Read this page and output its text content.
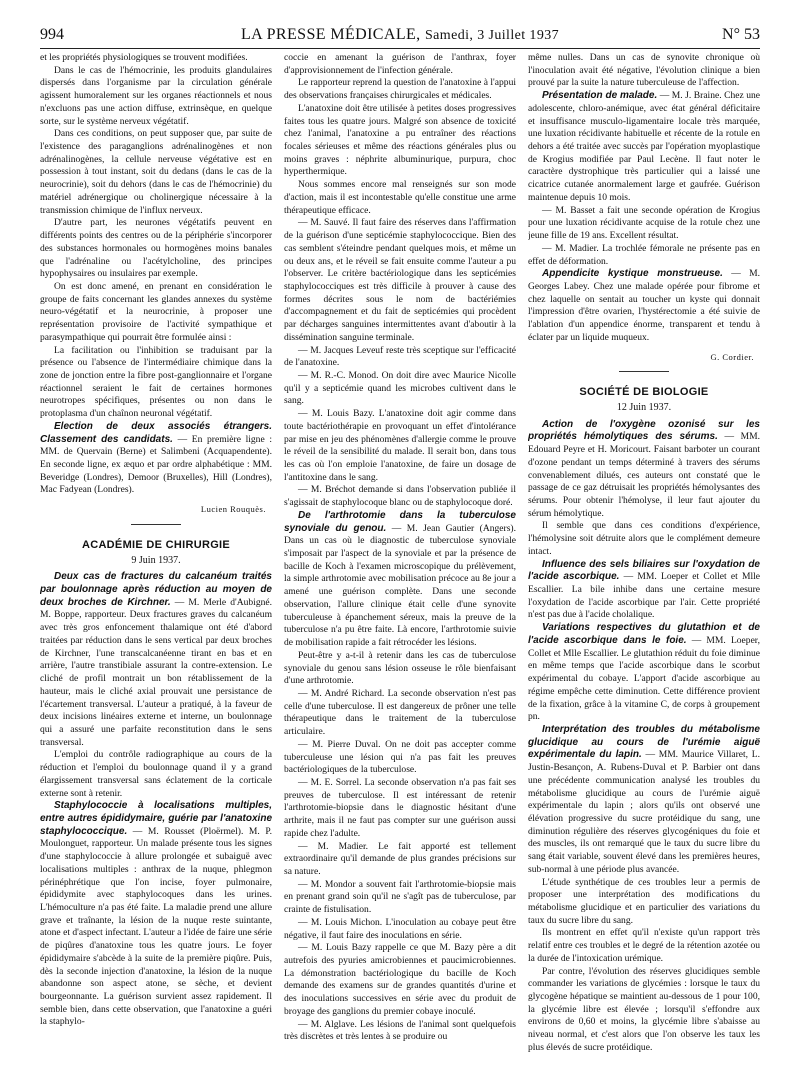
994	LA PRESSE MÉDICALE, Samedi, 3 Juillet 1937	N° 53

et les propriétés physiologiques se trouvent modifiées.

Dans le cas de l'hémocrinie, les produits glandulaires dispersés dans l'organisme par la circulation générale agissent humoralement sur les organes réactionnels et nous n'excluons pas une action diffuse, extrinsèque, en quelque sorte, sur le système nerveux végétatif.

Dans ces conditions, on peut supposer que, par suite de l'existence des paraganglions adrénalinogènes et non adrénalinogènes, la cellule nerveuse végétative est en possession à tout instant, soit du dedans (dans le cas de la neurocrinie), soit du dehors (dans le cas de l'hémocrinie) du matériel adrénergique ou cholinergique nécessaire à la transmission chimique de l'influx nerveux.

D'autre part, les neurones végétatifs peuvent en différents points des centres ou de la périphérie s'incorporer des substances hormonales ou hormogènes moins banales que l'adrénaline ou l'acétylcholine, des principes hypophysaires ou insulaires par exemple.

On est donc amené, en prenant en considération le groupe de faits concernant les glandes annexes du système neuro-végétatif et la neurocrinie, à proposer une représentation provisoire de l'activité sympathique et parasympathique qui pourrait être formulée ainsi :

La facilitation ou l'inhibition se traduisant par la présence ou l'absence de l'intermédiaire chimique dans la zone de jonction entre la fibre post-ganglionnaire et l'organe réactionnel seraient le fait de certaines hormones neurotropes spécifiques, présentes ou non dans le protoplasma d'un chaînon neuronal végétatif.

Election de deux associés étrangers. Classement des candidats. — En première ligne : MM. de Quervain (Berne) et Salimbeni (Acquapendente). En seconde ligne, ex æquo et par ordre alphabétique : MM. Beveridge (Londres), Demoor (Bruxelles), Hill (Londres), Mac Fadyean (Londres).

Lucien Rouquès.
ACADÉMIE DE CHIRURGIE
9 Juin 1937.

Deux cas de fractures du calcanéum traités par boulonnage après réduction au moyen de deux broches de Kirchner. — M. Merle d'Aubigné. M. Boppe, rapporteur. Deux fractures graves du calcanéum avec très gros enfoncement thalamique ont été d'abord traitées par réduction dans le sens vertical par deux broches de Kirchner, l'une transcalcanéenne tirant en bas et en arrière, l'autre transtibiale assurant la contre-extension. Le cliché de profil montrait un bon rétablissement de la hauteur, mais le cliché axial prouvait une persistance de l'écartement transversal. L'auteur a pratiqué, à la faveur de deux incisions linéaires externe et interne, un boulonnage qui a assuré une parfaite reconstitution dans le sens transversal.

L'emploi du contrôle radiographique au cours de la réduction et l'emploi du boulonnage quand il y a grand élargissement transversal sans éclatement de la corticale externe sont à retenir.

Staphylococcie à localisations multiples, entre autres épididymaire, guérie par l'anatoxine staphylococcique. — M. Rousset (Ploërmel). M. P. Moulonguet, rapporteur. Un malade présente tous les signes d'une staphylococcie à allure prolongée et subaiguë avec localisations multiples : anthrax de la nuque, phlegmon périnéphrétique que l'on incise, foyer pulmonaire, épididymite avec staphylocoques dans les urines. L'hémoculture n'a pas été faite. La maladie prend une allure grave et traînante, la lésion de la nuque reste suintante, atone et d'aspect infectant. L'auteur a l'idée de faire une série de piqûres d'anatoxine tous les quatre jours. Le foyer épididymaire s'abcède à la suite de la première piqûre. Puis, dès la seconde injection d'anatoxine, la lésion de la nuque abandonne son aspect atone, se sèche, et devient bourgeonnante. La guérison survient assez rapidement. Il semble bien, dans cette observation, que l'anatoxine a guéri la staphylo-

coccie en amenant la guérison de l'anthrax, foyer d'approvisionnement de l'infection générale.

Le rapporteur reprend la question de l'anatoxine à l'appui des observations françaises chirurgicales et médicales.

L'anatoxine doit être utilisée à petites doses progressives faites tous les quatre jours. Malgré son absence de toxicité chez l'animal, l'anatoxine a pu entraîner des réactions focales sérieuses et même des réactions générales plus ou moins graves : néphrite albuminurique, purpura, choc hyperthermique.

Nous sommes encore mal renseignés sur son mode d'action, mais il est incontestable qu'elle constitue une arme thérapeutique efficace.

— M. Sauvé. Il faut faire des réserves dans l'affirmation de la guérison d'une septicémie staphylococcique. Bien des cas semblent s'éteindre pendant quelques mois, et même un ou deux ans, et le réveil se fait ensuite comme l'auteur a pu l'observer. Le critère bactériologique dans les septicémies staphylococciques est très difficile à prouver à cause des formes décrites sous le nom de bactériémies d'accompagnement et du fait de septicémies qui procèdent par décharges sanguines intermittentes avant d'aboutir à la dissémination sanguine terminale.

— M. Jacques Leveuf reste très sceptique sur l'efficacité de l'anatoxine.

— M. R.-C. Monod. On doit dire avec Maurice Nicolle qu'il y a septicémie quand les microbes cultivent dans le sang.

— M. Louis Bazy. L'anatoxine doit agir comme dans toute bactériothérapie en provoquant un effet d'intolérance par mise en jeu des phénomènes d'allergie comme le prouve le réveil de la sensibilité du malade. Il serait bon, dans tous les cas où l'on emploie l'anatoxine, de faire un dosage de l'antitoxine dans le sang.

— M. Bréchot demande si dans l'observation publiée il s'agissait de staphylocoque blanc ou de staphylocoque doré.

De l'arthrotomie dans la tuberculose synoviale du genou. — M. Jean Gautier (Angers). Dans un cas où le diagnostic de tuberculose synoviale s'imposait par l'aspect de la synoviale et par la présence de bacille de Koch à l'examen microscopique du prélèvement, la simple arthrotomie avec mobilisation précoce au 8e jour a amené une guérison complète. Dans une seconde observation, l'allure clinique était celle d'une synovite tuberculeuse à épanchement séreux, mais la preuve de la tuberculose n'a pu être faite. Là encore, l'arthrotomie suivie de mobilisation rapide a fait rétrocéder les lésions.

Peut-être y a-t-il à retenir dans les cas de tuberculose synoviale du genou sans lésion osseuse le rôle bienfaisant d'une arthrotomie.

— M. André Richard. La seconde observation n'est pas celle d'une tuberculose. Il est dangereux de prôner une telle thérapeutique dans le traitement de la tuberculose articulaire.

— M. Pierre Duval. On ne doit pas accepter comme tuberculeuse une lésion qui n'a pas fait les preuves bactériologiques de la tuberculose.

— M. E. Sorrel. La seconde observation n'a pas fait ses preuves de tuberculose. Il est intéressant de retenir l'arthrotomie-biopsie dans le diagnostic hésitant d'une arthrite, mais il ne faut pas compter sur une guérison aussi rapide chez l'adulte.

— M. Madier. Le fait apporté est tellement extraordinaire qu'il demande de plus grandes précisions sur sa nature.

— M. Mondor a souvent fait l'arthrotomie-biopsie mais en prenant grand soin qu'il ne s'agît pas de tuberculose, par crainte de fistulisation.

— M. Louis Michon. L'inoculation au cobaye peut être négative, il faut faire des inoculations en série.

— M. Louis Bazy rappelle ce que M. Bazy père a dit autrefois des pyuries amicrobiennes et paucimicrobiennes. La démonstration bactériologique du bacille de Koch demande des examens sur de grandes quantités d'urine et des inoculations successives en série avec du produit de broyage des ganglions du premier cobaye inoculé.

— M. Alglave. Les lésions de l'animal sont quelquefois très discrètes et très lentes à se produire ou

même nulles. Dans un cas de synovite chronique où l'inoculation avait été négative, l'évolution clinique a bien prouvé par la suite la nature tuberculeuse de l'affection.

Présentation de malade. — M. J. Braine. Chez une adolescente, chloro-anémique, avec état général déficitaire et insuffisance musculo-ligamentaire locale très marquée, une luxation récidivante habituelle et récente de la rotule en dehors a été traitée avec succès par l'opération myoplastique de Krogius modifiée par Paul Lecène. Il faut noter le caractère dystrophique très particulier qui a laissé une cicatrice cutanée anormalement large et gaufrée. Guérison maintenue depuis 10 mois.

— M. Basset a fait une seconde opération de Krogius pour une luxation récidivante acquise de la rotule chez une jeune fille de 19 ans. Excellent résultat.

— M. Madier. La trochlée fémorale ne présente pas en effet de déformation.

Appendicite kystique monstrueuse. — M. Georges Labey. Chez une malade opérée pour fibrome et chez laquelle on sentait au toucher un kyste qui donnait l'impression d'être ovarien, l'hystérectomie a été suivie de l'ablation d'un appendice énorme, transparent et tendu à éclater par un liquide muqueux.

G. Cordier.
SOCIÉTÉ DE BIOLOGIE
12 Juin 1937.

Action de l'oxygène ozonisé sur les propriétés hémolytiques des sérums. — MM. Edouard Peyre et H. Moricourt. Faisant barboter un courant d'ozone pendant un temps déterminé à travers des sérums convenablement dilués, ces auteurs ont constaté que le passage de ce gaz détruisait les propriétés hémolysantes des sérums. Pour obtenir l'hémolyse, il leur faut ajouter du sérum hémolytique.

Il semble que dans ces conditions d'expérience, l'hémolysine soit détruite alors que le complément demeure intact.

Influence des sels biliaires sur l'oxydation de l'acide ascorbique. — MM. Loeper et Collet et Mlle Escallier. La bile inhibe dans une certaine mesure l'oxydation de l'acide ascorbique par l'air. Cette propriété n'est pas due à l'acide cholalique.

Variations respectives du glutathion et de l'acide ascorbique dans le foie. — MM. Loeper, Collet et Mlle Escallier. Le glutathion réduit du foie diminue en même temps que l'acide ascorbique dans le scorbut expérimental du cobaye. L'apport d'acide ascorbique au régime empêche cette diminution. Cette différence provient de la fixation, grâce à la vitamine C, de corps à groupement pn.

Interprétation des troubles du métabolisme glucidique au cours de l'urémie aiguë expérimentale du lapin. — MM. Maurice Villaret, L. Justin-Besançon, A. Rubens-Duval et P. Barbier ont dans une précédente communication analysé les troubles du métabolisme glucidique au cours de l'urémie aiguë expérimentale du lapin ; alors qu'ils ont observé une élévation progressive du sucre protéidique du sang, une diminution régulière des réserves glycogéniques du foie et des muscles, ils ont remarqué que le taux du sucre libre du sang était variable, souvent élevé dans les premières heures, sub-normal à une période plus avancée.

L'étude synthétique de ces troubles leur a permis de proposer une interprétation des modifications du métabolisme glucidique et en particulier des variations du taux du sucre libre du sang.

Ils montrent en effet qu'il n'existe qu'un rapport très relatif entre ces troubles et le degré de la rétention azotée ou la durée de l'intoxication urémique.

Par contre, l'évolution des réserves glucidiques semble commander les variations de glycémies : lorsque le taux du glycogène hépatique se maintient au-dessous de 1 pour 100, la glycémie libre est élevée ; lorsqu'il s'effondre aux environs de 0,60 et moins, la glycémie libre s'abaisse au niveau normal, et c'est alors que l'on observe les taux les plus élevés de sucre protéidique.
